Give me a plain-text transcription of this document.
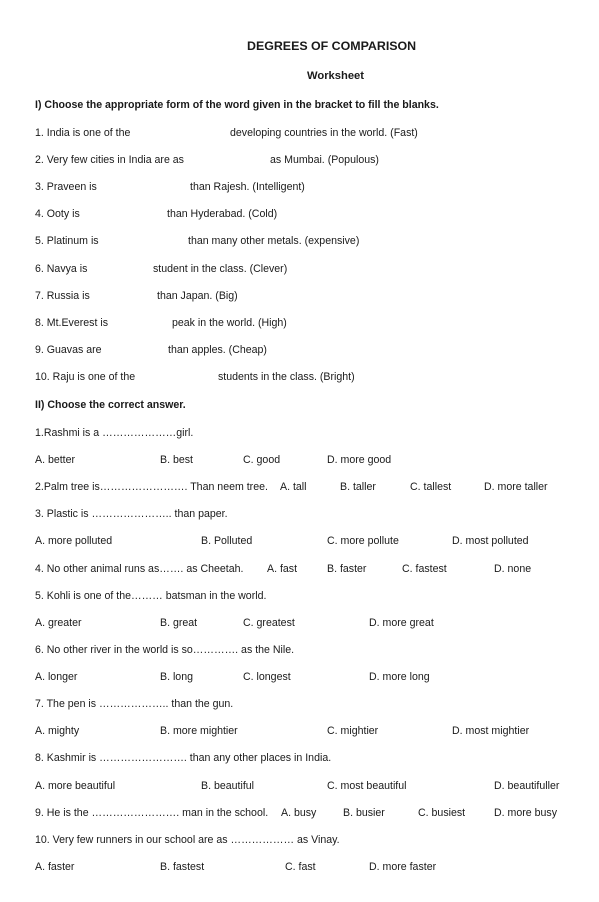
DEGREES OF COMPARISON
Worksheet
I) Choose the appropriate form of the word given in the bracket to fill the blanks.
1. India is one of the	developing countries in the world. (Fast)
2. Very few cities in India are as	as Mumbai. (Populous)
3. Praveen is	than Rajesh. (Intelligent)
4. Ooty is	than Hyderabad. (Cold)
5. Platinum is	than many other metals. (expensive)
6. Navya is	student in the class. (Clever)
7. Russia is	than Japan. (Big)
8. Mt.Everest is	peak in the world. (High)
9. Guavas are	than apples. (Cheap)
10. Raju is one of the	students in the class. (Bright)
II) Choose the correct answer.
1.Rashmi is a …………………girl.
A. better	B. best	C. good	D. more good
2.Palm tree is……………………. Than neem tree. A. tall	B. taller	C. tallest	D. more taller
3. Plastic is ………………….. than paper.
A. more polluted	B. Polluted	C. more pollute	D. most polluted
4. No other animal runs as……. as Cheetah. A. fast	B. faster	C. fastest	D. none
5. Kohli is one of the……… batsman in the world.
A. greater	B. great	C. greatest	D. more great
6. No other river in the world is so…………. as the Nile.
A. longer	B. long	C. longest	D. more long
7. The pen is ……………….. than the gun.
A. mighty	B. more mightier	C. mightier	D. most mightier
8. Kashmir is ……………………. than any other places in India.
A. more beautiful	B. beautiful	C. most beautiful	D. beautifuller
9. He is the ……………………. man in the school. A. busy	B. busier	C. busiest	D. more busy
10. Very few runners in our school are as ……………… as Vinay.
A. faster	B. fastest	C. fast	D. more faster
